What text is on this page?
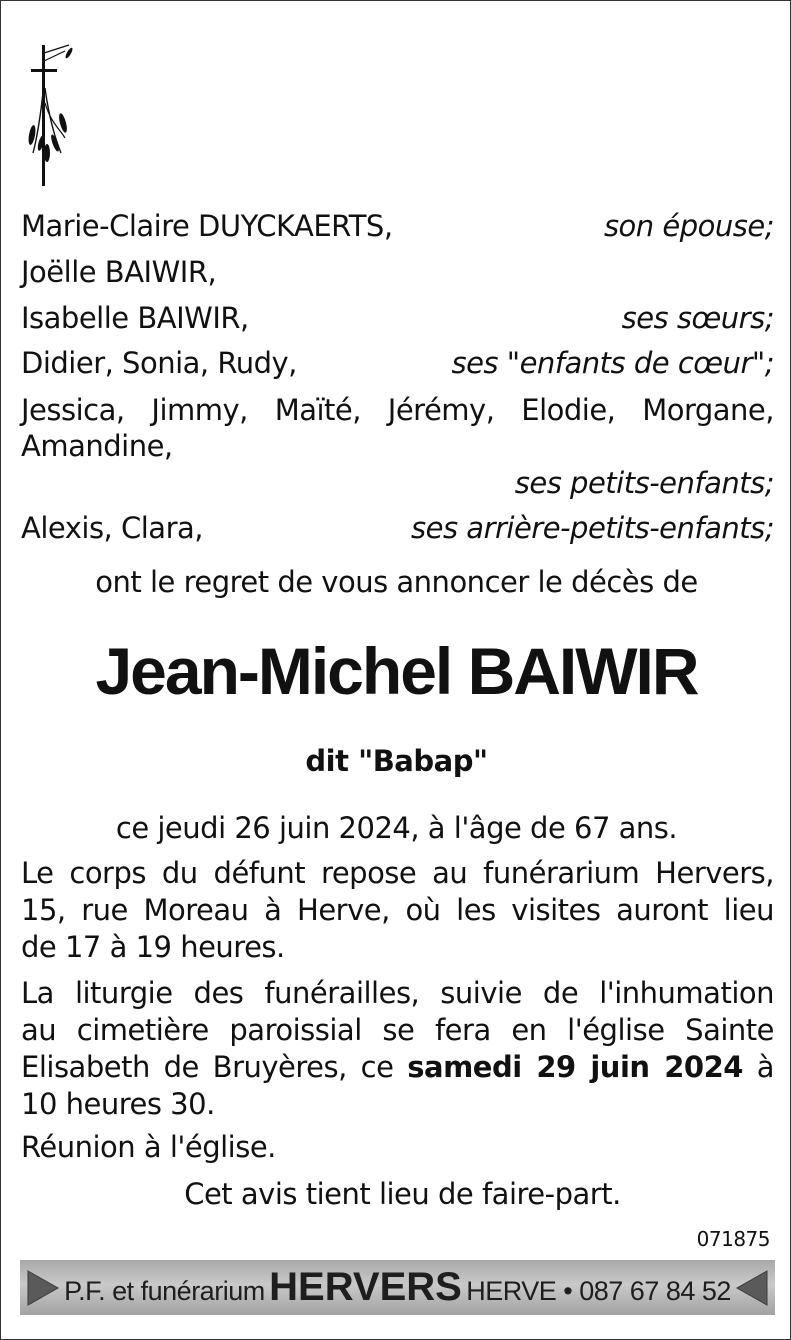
Marie-Claire DUYCKAERTS,	son épouse;
Joëlle BAIWIR,
Isabelle BAIWIR,	ses sœurs;
Didier, Sonia, Rudy,	ses "enfants de cœur";
Jessica, Jimmy, Maïté, Jérémy, Elodie, Morgane,
Amandine,
ses petits-enfants;
Alexis, Clara,	ses arrière-petits-enfants;
ont le regret de vous annoncer le décès de
Jean-Michel BAIWIR
dit "Babap"
ce jeudi 26 juin 2024, à l'âge de 67 ans.
Le corps du défunt repose au funérarium Hervers,
15, rue Moreau à Herve, où les visites auront lieu
de 17 à 19 heures.
La liturgie des funérailles, suivie de l'inhumation
au cimetière paroissial se fera en l'église Sainte
Elisabeth de Bruyères, ce samedi 29 juin 2024 à
10 heures 30.
Réunion à l'église.
Cet avis tient lieu de faire-part.
071875
P.F. et funérarium HERVERS HERVE • 087 67 84 52
